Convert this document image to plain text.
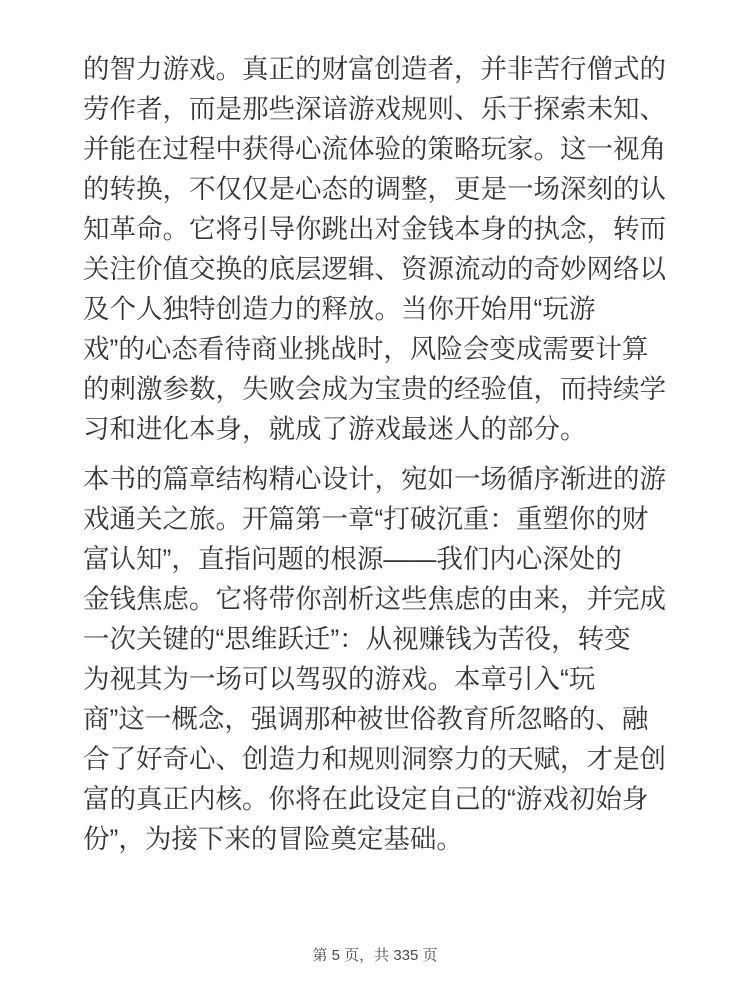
的智力游戏。真正的财富创造者，并非苦行僧式的
劳作者，而是那些深谙游戏规则、乐于探索未知、
并能在过程中获得心流体验的策略玩家。这一视角
的转换，不仅仅是心态的调整，更是一场深刻的认
知革命。它将引导你跳出对金钱本身的执念，转而
关注价值交换的底层逻辑、资源流动的奇妙网络以
及个人独特创造力的释放。当你开始用“玩游
戏”的心态看待商业挑战时，风险会变成需要计算
的刺激参数，失败会成为宝贵的经验值，而持续学
习和进化本身，就成了游戏最迷人的部分。
本书的篇章结构精心设计，宛如一场循序渐进的游
戏通关之旅。开篇第一章“打破沉重：重塑你的财
富认知”，直指问题的根源——我们内心深处的
金钱焦虑。它将带你剖析这些焦虑的由来，并完成
一次关键的“思维跃迁”：从视赚钱为苦役，转变
为视其为一场可以驾驭的游戏。本章引入“玩
商”这一概念，强调那种被世俗教育所忽略的、融
合了好奇心、创造力和规则洞察力的天赋，才是创
富的真正内核。你将在此设定自己的“游戏初始身
份”，为接下来的冒险奠定基础。
第 5 页，共 335 页
